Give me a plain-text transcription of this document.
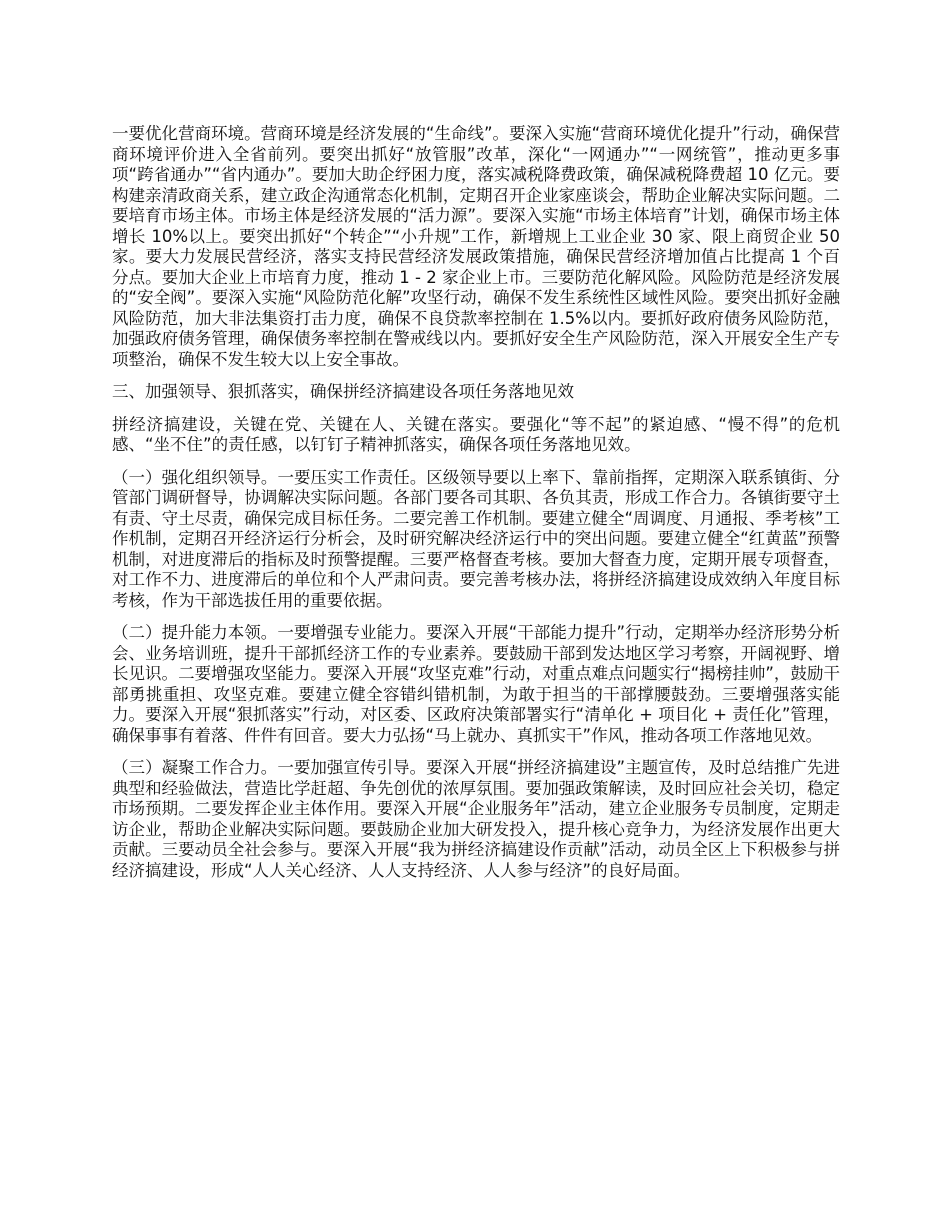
一要优化营商环境。营商环境是经济发展的“生命线”。要深入实施“营商环境优化提升”行动，确保营商环境评价进入全省前列。要突出抓好“放管服”改革，深化“一网通办”“一网统管”，推动更多事项“跨省通办”“省内通办”。要加大助企纾困力度，落实减税降费政策，确保减税降费超 10 亿元。要构建亲清政商关系，建立政企沟通常态化机制，定期召开企业家座谈会，帮助企业解决实际问题。二要培育市场主体。市场主体是经济发展的“活力源”。要深入实施“市场主体培育”计划，确保市场主体增长 10%以上。要突出抓好“个转企”“小升规”工作，新增规上工业企业 30 家、限上商贸企业 50 家。要大力发展民营经济，落实支持民营经济发展政策措施，确保民营经济增加值占比提高 1 个百分点。要加大企业上市培育力度，推动 1 - 2 家企业上市。三要防范化解风险。风险防范是经济发展的“安全阀”。要深入实施“风险防范化解”攻坚行动，确保不发生系统性区域性风险。要突出抓好金融风险防范，加大非法集资打击力度，确保不良贷款率控制在 1.5%以内。要抓好政府债务风险防范，加强政府债务管理，确保债务率控制在警戒线以内。要抓好安全生产风险防范，深入开展安全生产专项整治，确保不发生较大以上安全事故。

三、加强领导、狠抓落实，确保拼经济搞建设各项任务落地见效

拼经济搞建设，关键在党、关键在人、关键在落实。要强化“等不起”的紧迫感、“慢不得”的危机感、“坐不住”的责任感，以钉钉子精神抓落实，确保各项任务落地见效。

（一）强化组织领导。一要压实工作责任。区级领导要以上率下、靠前指挥，定期深入联系镇街、分管部门调研督导，协调解决实际问题。各部门要各司其职、各负其责，形成工作合力。各镇街要守土有责、守土尽责，确保完成目标任务。二要完善工作机制。要建立健全“周调度、月通报、季考核”工作机制，定期召开经济运行分析会，及时研究解决经济运行中的突出问题。要建立健全“红黄蓝”预警机制，对进度滞后的指标及时预警提醒。三要严格督查考核。要加大督查力度，定期开展专项督查，对工作不力、进度滞后的单位和个人严肃问责。要完善考核办法，将拼经济搞建设成效纳入年度目标考核，作为干部选拔任用的重要依据。

（二）提升能力本领。一要增强专业能力。要深入开展“干部能力提升”行动，定期举办经济形势分析会、业务培训班，提升干部抓经济工作的专业素养。要鼓励干部到发达地区学习考察，开阔视野、增长见识。二要增强攻坚能力。要深入开展“攻坚克难”行动，对重点难点问题实行“揭榜挂帅”，鼓励干部勇挑重担、攻坚克难。要建立健全容错纠错机制，为敢于担当的干部撑腰鼓劲。三要增强落实能力。要深入开展“狠抓落实”行动，对区委、区政府决策部署实行“清单化 + 项目化 + 责任化”管理，确保事事有着落、件件有回音。要大力弘扬“马上就办、真抓实干”作风，推动各项工作落地见效。

（三）凝聚工作合力。一要加强宣传引导。要深入开展“拼经济搞建设”主题宣传，及时总结推广先进典型和经验做法，营造比学赶超、争先创优的浓厚氛围。要加强政策解读，及时回应社会关切，稳定市场预期。二要发挥企业主体作用。要深入开展“企业服务年”活动，建立企业服务专员制度，定期走访企业，帮助企业解决实际问题。要鼓励企业加大研发投入，提升核心竞争力，为经济发展作出更大贡献。三要动员全社会参与。要深入开展“我为拼经济搞建设作贡献”活动，动员全区上下积极参与拼经济搞建设，形成“人人关心经济、人人支持经济、人人参与经济”的良好局面。
